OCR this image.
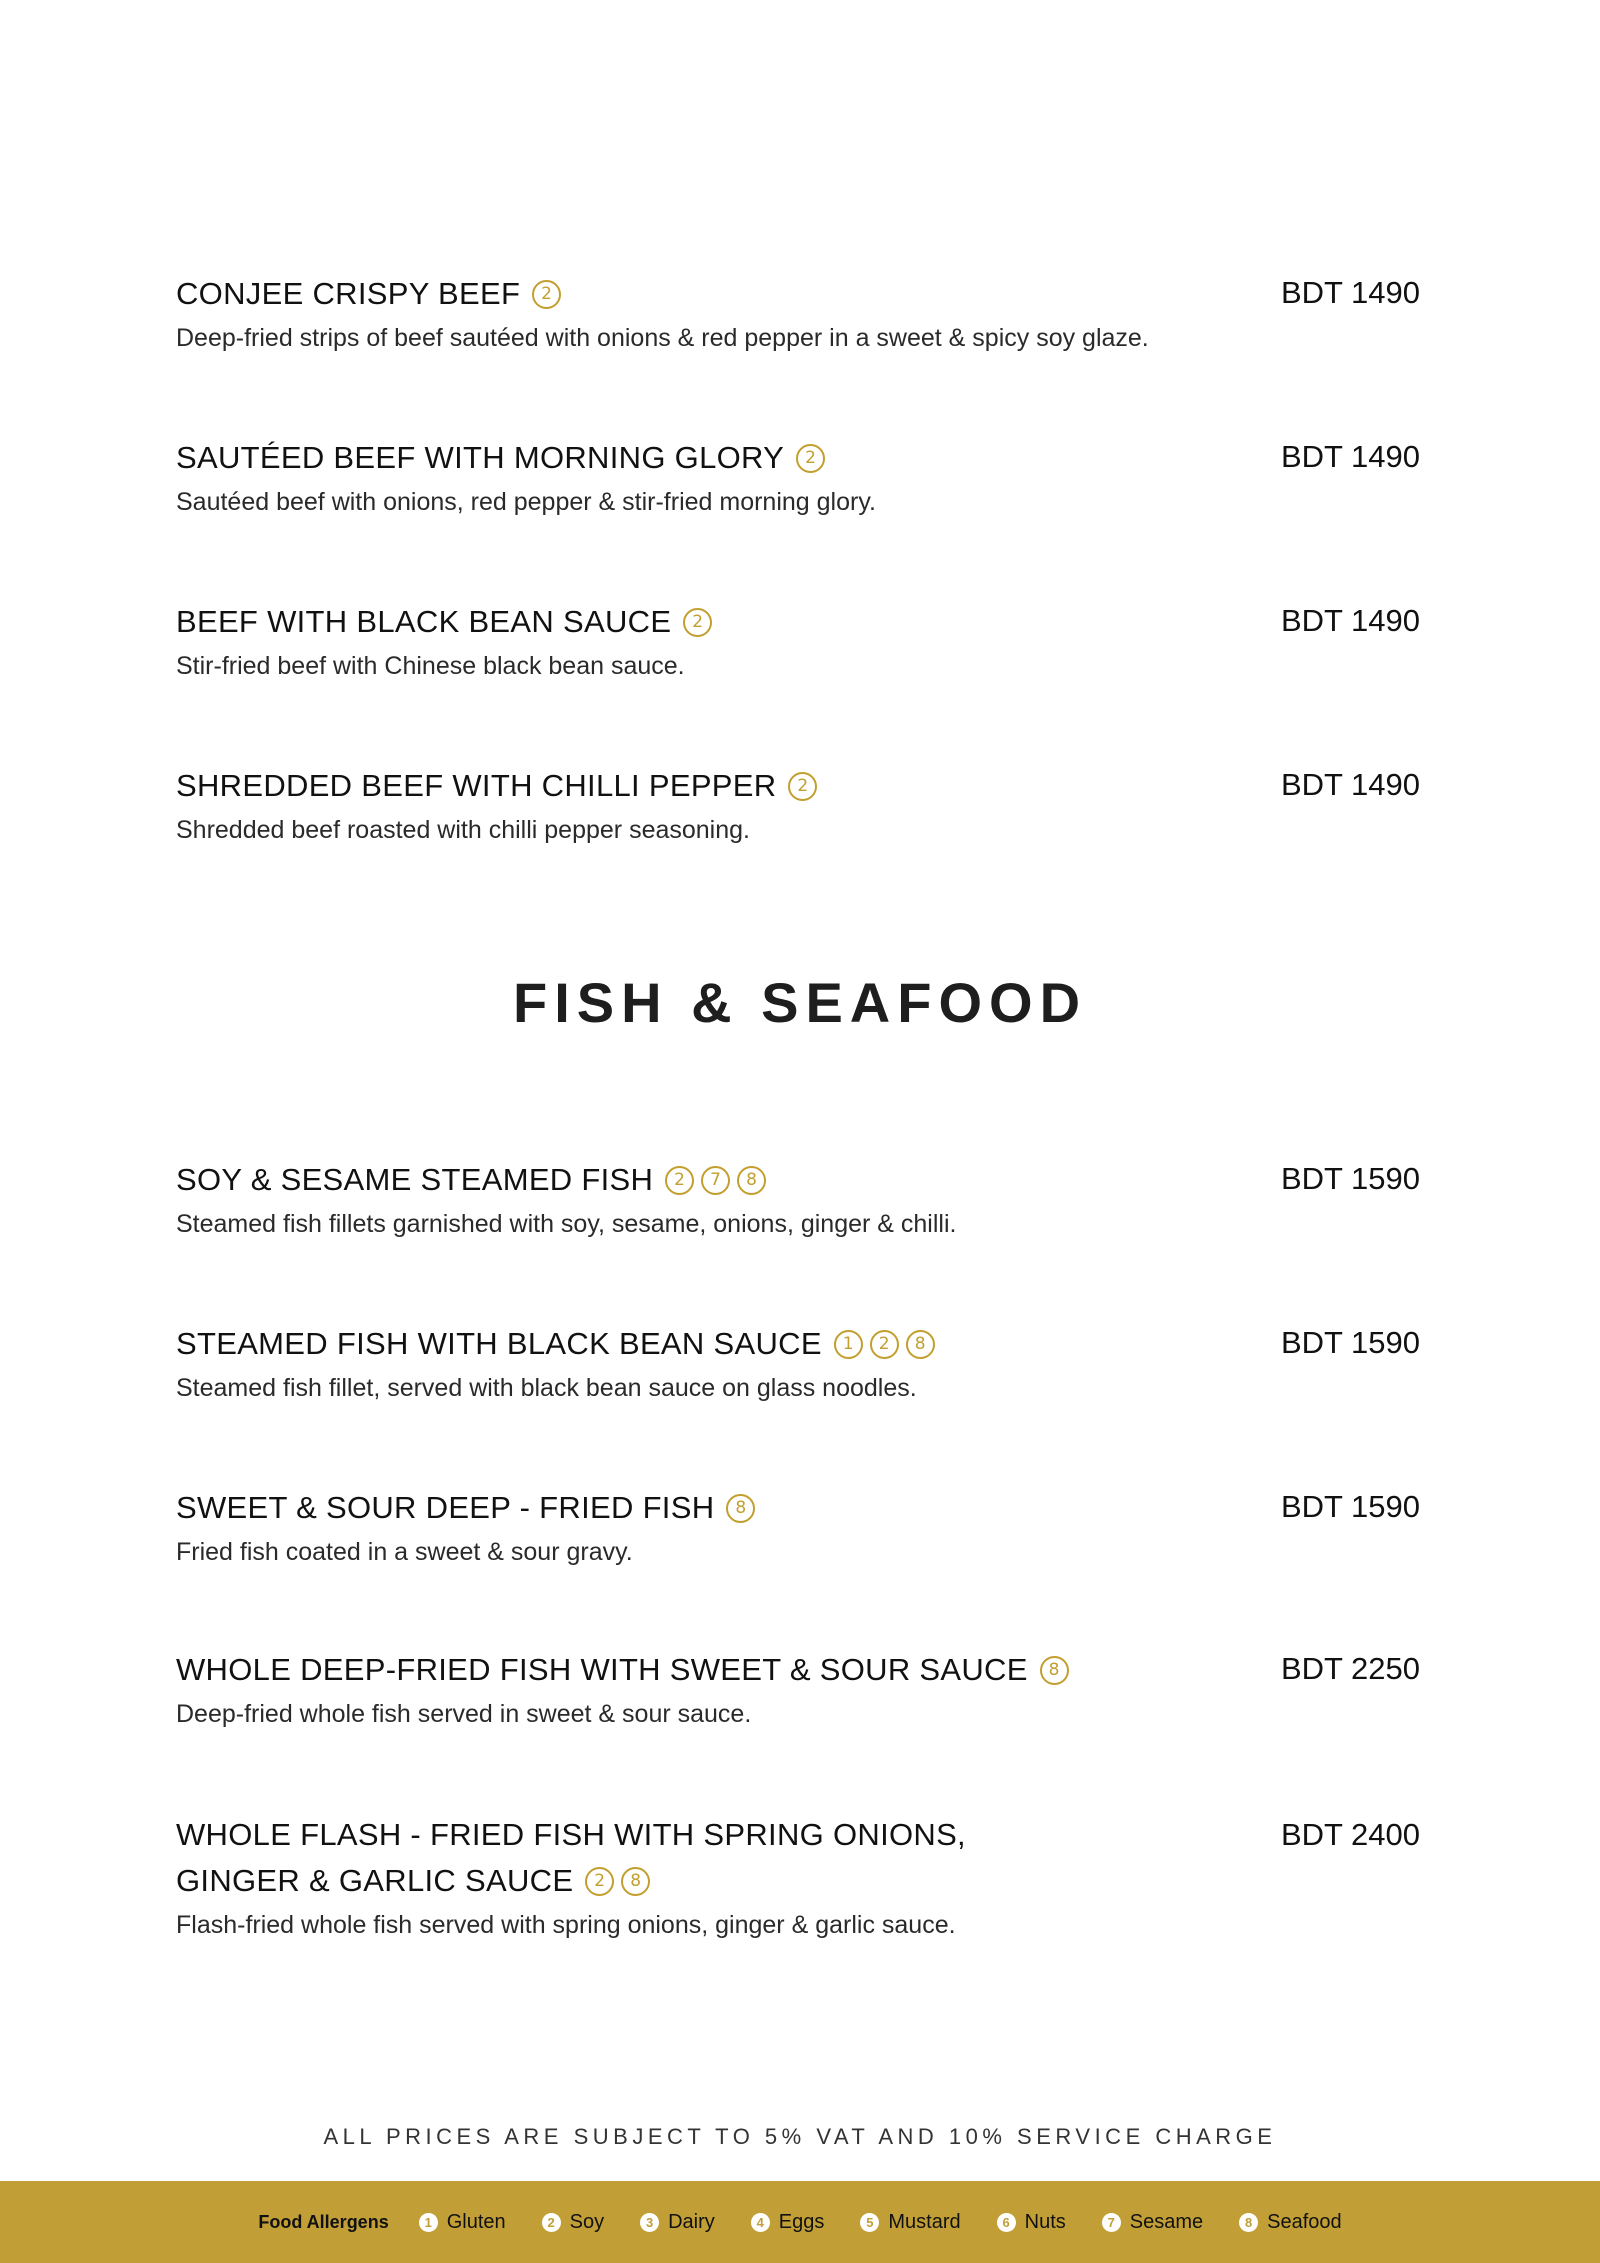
CONJEE CRISPY BEEF 2	BDT 1490
Deep-fried strips of beef sautéed with onions & red pepper in a sweet & spicy soy glaze.
SAUTÉED BEEF WITH MORNING GLORY 2	BDT 1490
Sautéed beef with onions, red pepper & stir-fried morning glory.
BEEF WITH BLACK BEAN SAUCE 2	BDT 1490
Stir-fried beef with Chinese black bean sauce.
SHREDDED BEEF WITH CHILLI PEPPER 2	BDT 1490
Shredded beef roasted with chilli pepper seasoning.
FISH & SEAFOOD
SOY & SESAME STEAMED FISH 2 7 8	BDT 1590
Steamed fish fillets garnished with soy, sesame, onions, ginger & chilli.
STEAMED FISH WITH BLACK BEAN SAUCE 1 2 8	BDT 1590
Steamed fish fillet, served with black bean sauce on glass noodles.
SWEET & SOUR DEEP - FRIED FISH 8	BDT 1590
Fried fish coated in a sweet & sour gravy.
WHOLE DEEP-FRIED FISH WITH SWEET & SOUR SAUCE 8	BDT 2250
Deep-fried whole fish served in sweet & sour sauce.
WHOLE FLASH - FRIED FISH WITH SPRING ONIONS,
GINGER & GARLIC SAUCE 2 8
BDT 2400
Flash-fried whole fish served with spring onions, ginger & garlic sauce.
ALL PRICES ARE SUBJECT TO 5% VAT AND 10% SERVICE CHARGE
Food Allergens	1 Gluten	2 Soy	3 Dairy	4 Eggs	5 Mustard	6 Nuts	7 Sesame	8 Seafood
